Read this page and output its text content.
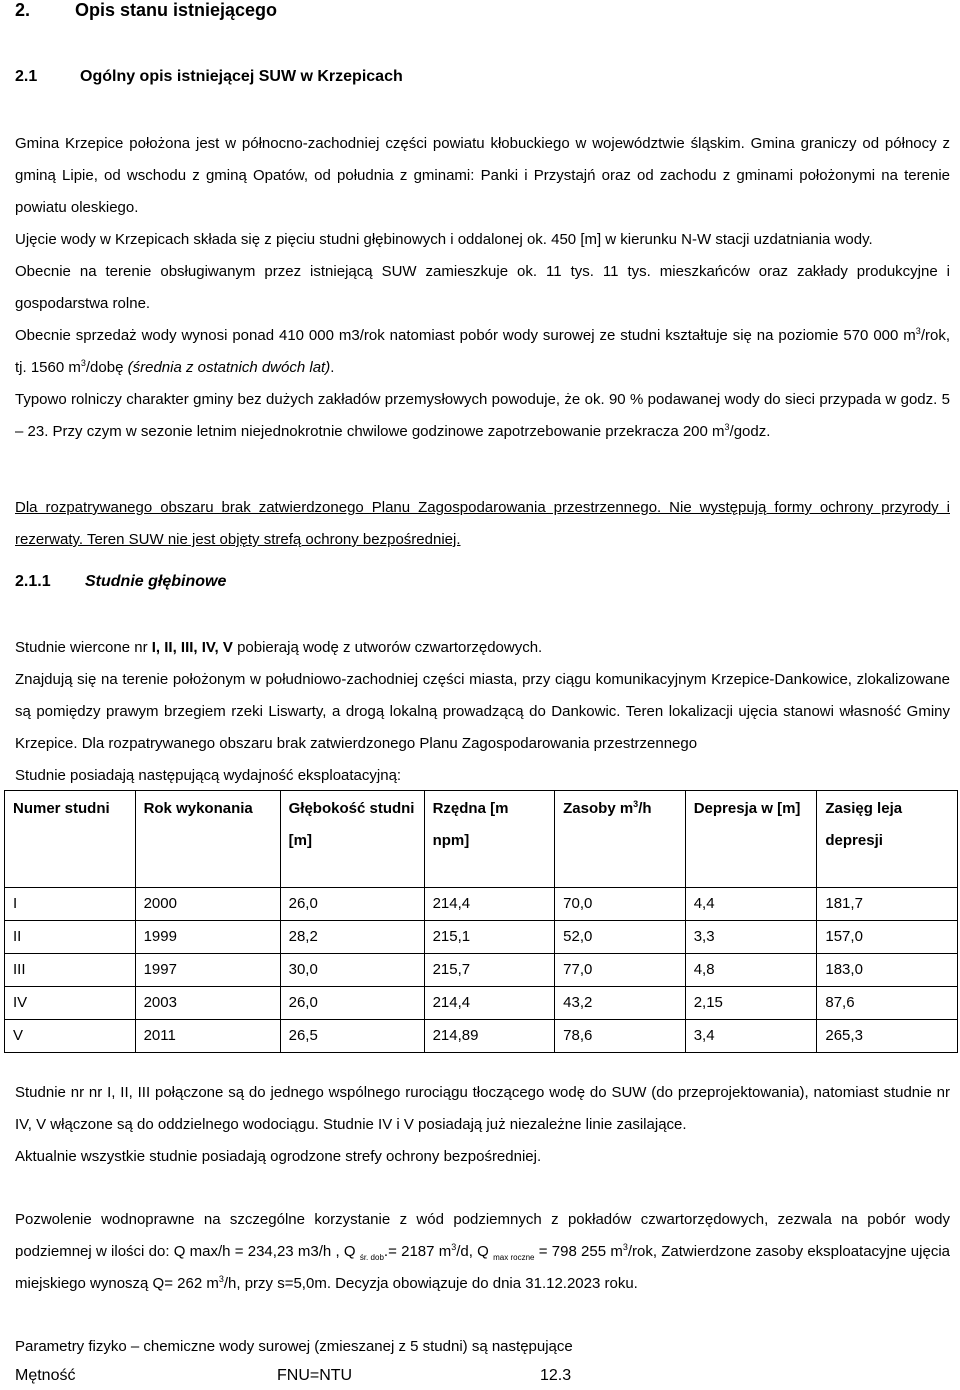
2. Opis stanu istniejącego
2.1	Ogólny opis istniejącej SUW w Krzepicach
Gmina Krzepice położona jest w północno-zachodniej części powiatu kłobuckiego w województwie śląskim. Gmina graniczy od północy z gminą Lipie, od wschodu z gminą Opatów, od południa z gminami: Panki i Przystajń oraz od zachodu z gminami położonymi na terenie powiatu oleskiego.
Ujęcie wody w Krzepicach składa się z pięciu studni głębinowych i oddalonej ok. 450 [m] w kierunku N-W stacji uzdatniania wody.
Obecnie na terenie obsługiwanym przez istniejącą SUW zamieszkuje ok. 11 tys. 11 tys. mieszkańców oraz zakłady produkcyjne i gospodarstwa rolne.
Obecnie sprzedaż wody wynosi ponad 410 000 m3/rok natomiast pobór wody surowej ze studni kształtuje się na poziomie 570 000 $m^3$/rok, tj. 1560 $m^3$/dobę (średnia z ostatnich dwóch lat).
Typowo rolniczy charakter gminy bez dużych zakładów przemysłowych powoduje, że ok. 90 % podawanej wody do sieci przypada w godz. 5 – 23. Przy czym w sezonie letnim niejednokrotnie chwilowe godzinowe zapotrzebowanie przekracza 200 $m^3$/godz.
Dla rozpatrywanego obszaru brak zatwierdzonego Planu Zagospodarowania przestrzennego. Nie występują formy ochrony przyrody i rezerwaty. Teren SUW nie jest objęty strefą ochrony bezpośredniej.
2.1.1 Studnie głębinowe
Studnie wiercone nr I, II, III, IV, V pobierają wodę z utworów czwartorzędowych.
Znajdują się na terenie położonym w południowo-zachodniej części miasta, przy ciągu komunikacyjnym Krzepice-Dankowice, zlokalizowane są pomiędzy prawym brzegiem rzeki Liswarty, a drogą lokalną prowadzącą do Dankowic. Teren lokalizacji ujęcia stanowi własność Gminy Krzepice. Dla rozpatrywanego obszaru brak zatwierdzonego Planu Zagospodarowania przestrzennego
Studnie posiadają następującą wydajność eksploatacyjną:
Numer studni	Rok wykonania	Głębokość studni [m]	Rzędna [m npm]	Zasoby $m^3/h$	Depresja w [m]	Zasięg leja depresji
I	2000	26,0	214,4	70,0	4,4	181,7
II	1999	28,2	215,1	52,0	3,3	157,0
III	1997	30,0	215,7	77,0	4,8	183,0
IV	2003	26,0	214,4	43,2	2,15	87,6
V	2011	26,5	214,89	78,6	3,4	265,3
Studnie nr nr I, II, III połączone są do jednego wspólnego rurociągu tłoczącego wodę do SUW (do przeprojektowania), natomiast studnie nr IV, V włączone są do oddzielnego wodociągu. Studnie IV i V posiadają już niezależne linie zasilające.
Aktualnie wszystkie studnie posiadają ogrodzone strefy ochrony bezpośredniej.
Pozwolenie wodnoprawne na szczególne korzystanie z wód podziemnych z pokładów czwartorzędowych, zezwala na pobór wody podziemnej w ilości do: Q max/h = 234,23 m3/h , Q $_{śr. dob}$.= 2187 $m^3/d$, Q $_{max roczne}$ = 798 255 $m^3$/rok, Zatwierdzone zasoby eksploatacyjne ujęcia miejskiego wynoszą Q= 262 $m^3/h$, przy s=5,0m. Decyzja obowiązuje do dnia 31.12.2023 roku.
Parametry fizyko – chemiczne wody surowej (zmieszanej z 5 studni) są następujące
Mętność	FNU=NTU	12.3
